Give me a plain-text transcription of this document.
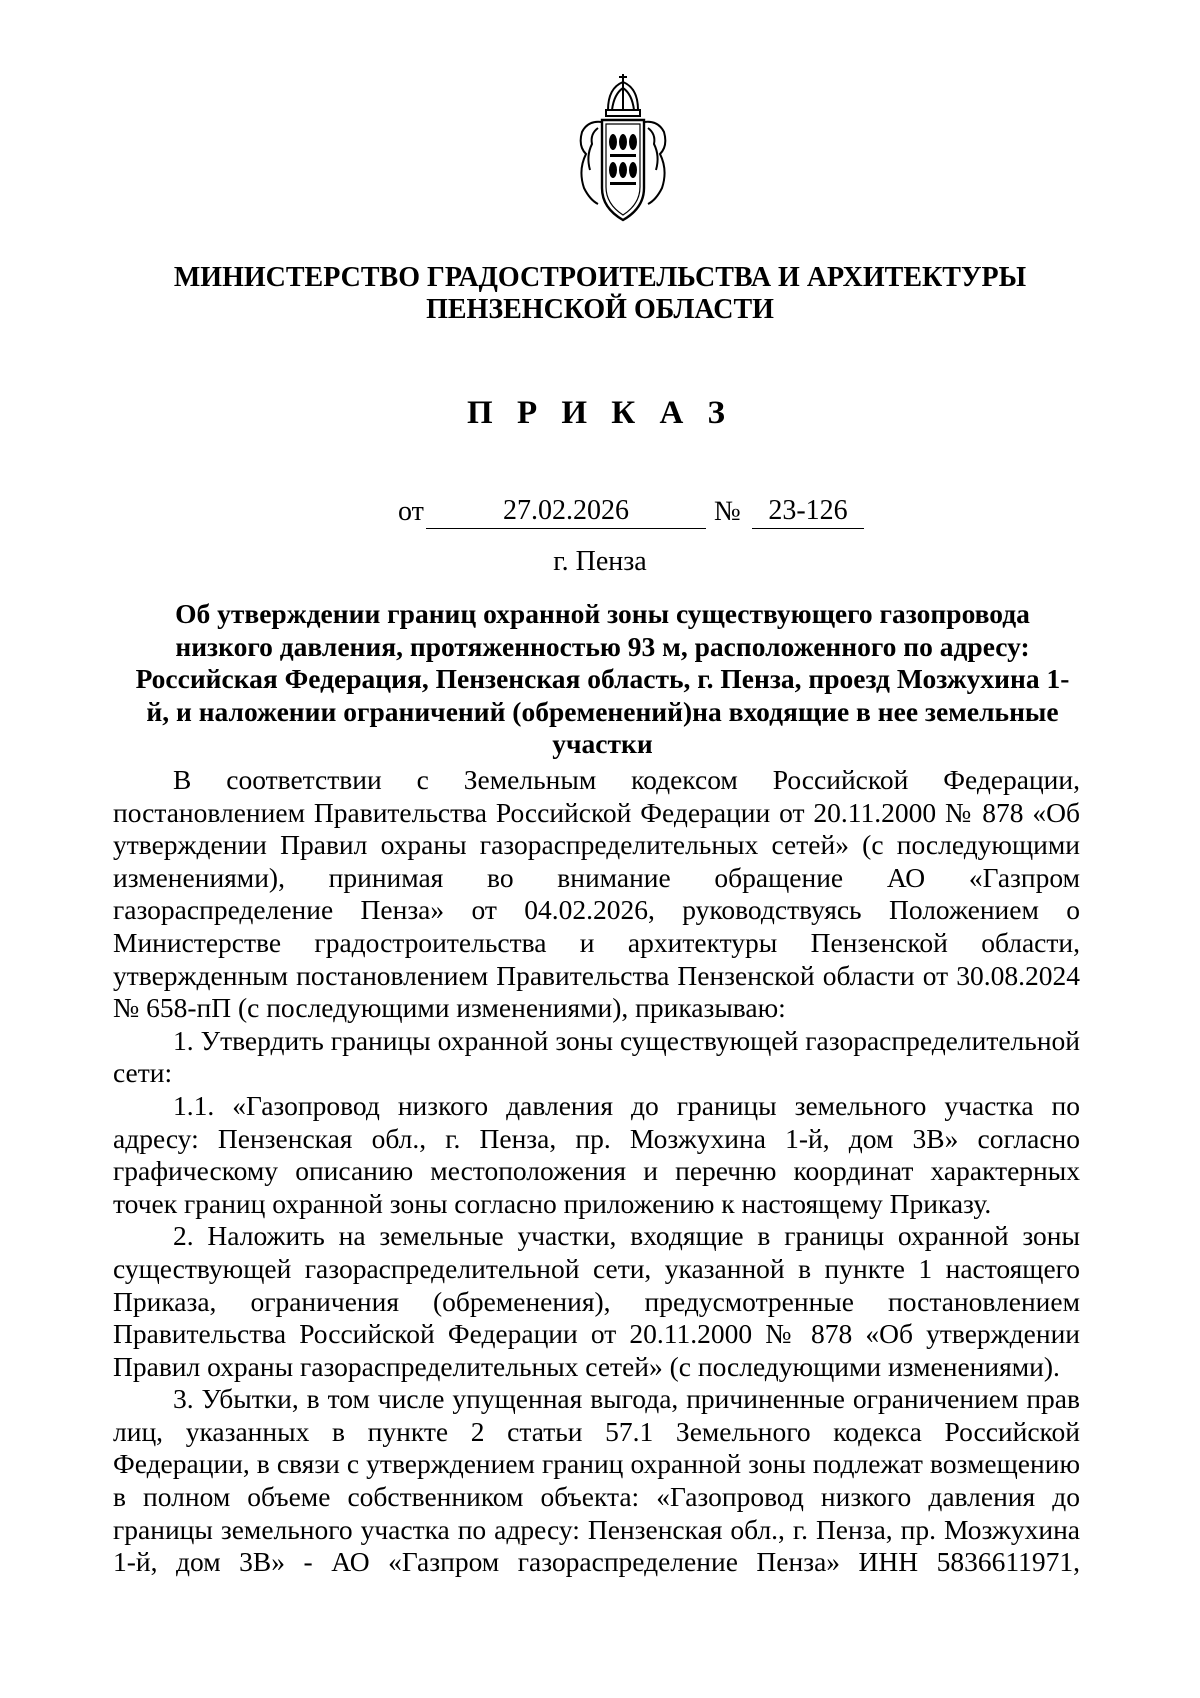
МИНИСТЕРСТВО ГРАДОСТРОИТЕЛЬСТВА И АРХИТЕКТУРЫ
ПЕНЗЕНСКОЙ ОБЛАСТИ
П Р И К А З
от	27.02.2026	№ 23-126
г. Пенза
Об утверждении границ охранной зоны существующего газопровода низкого давления, протяженностью 93 м, расположенного по адресу: Российская Федерация, Пензенская область, г. Пенза, проезд Мозжухина 1-й, и наложении ограничений (обременений)на входящие в нее земельные участки

В соответствии с Земельным кодексом Российской Федерации, постановлением Правительства Российской Федерации от 20.11.2000 № 878 «Об утверждении Правил охраны газораспределительных сетей» (с последующими изменениями), принимая во внимание обращение АО «Газпром газораспределение Пенза» от 04.02.2026, руководствуясь Положением о Министерстве градостроительства и архитектуры Пензенской области, утвержденным постановлением Правительства Пензенской области от 30.08.2024 № 658-пП (с последующими изменениями), приказываю:

1. Утвердить границы охранной зоны существующей газораспределительной сети:

1.1. «Газопровод низкого давления до границы земельного участка по адресу: Пензенская обл., г. Пенза, пр. Мозжухина 1-й, дом 3В» согласно графическому описанию местоположения и перечню координат характерных точек границ охранной зоны согласно приложению к настоящему Приказу.

2. Наложить на земельные участки, входящие в границы охранной зоны существующей газораспределительной сети, указанной в пункте 1 настоящего Приказа, ограничения (обременения), предусмотренные постановлением Правительства Российской Федерации от 20.11.2000 № 878 «Об утверждении Правил охраны газораспределительных сетей» (с последующими изменениями).

3. Убытки, в том числе упущенная выгода, причиненные ограничением прав лиц, указанных в пункте 2 статьи 57.1 Земельного кодекса Российской Федерации, в связи с утверждением границ охранной зоны подлежат возмещению в полном объеме собственником объекта: «Газопровод низкого давления до границы земельного участка по адресу: Пензенская обл., г. Пенза, пр. Мозжухина 1-й, дом 3В» - АО «Газпром газораспределение Пенза» ИНН 5836611971,
